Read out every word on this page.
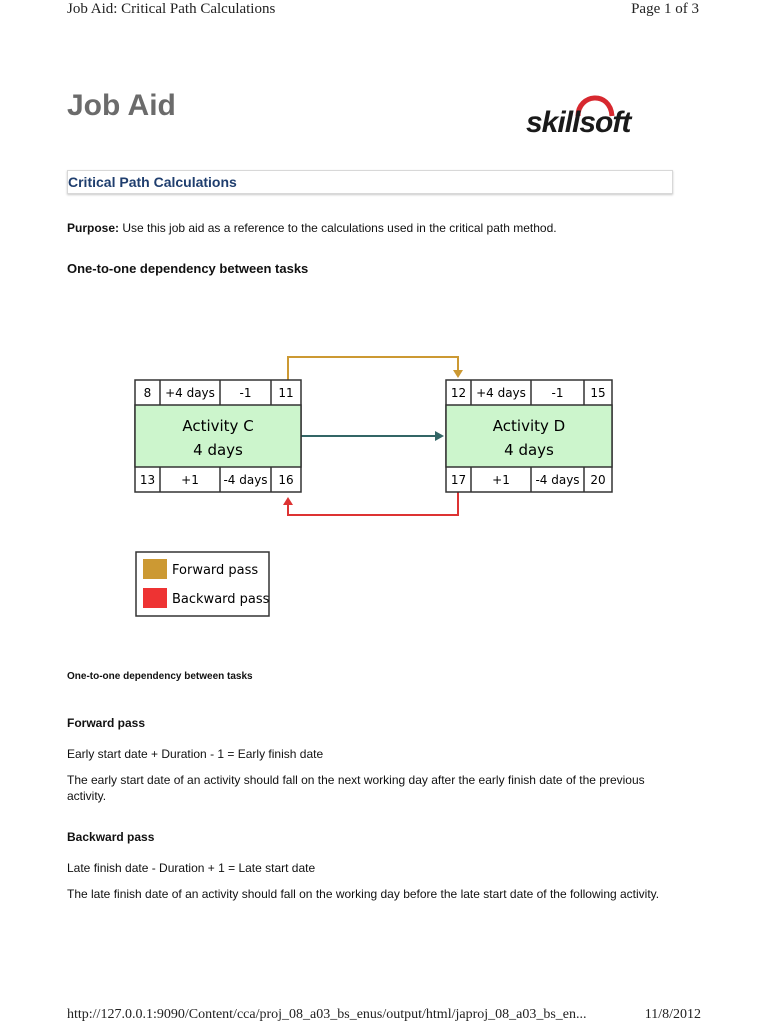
Job Aid: Critical Path Calculations	Page 1 of 3
Job Aid
skillsoft
Critical Path Calculations
Purpose: Use this job aid as a reference to the calculations used in the critical path method.
One-to-one dependency between tasks
8 +4 days -1 11
Activity C
4 days
13 +1 -4 days 16
12 +4 days -1 15
Activity D
4 days
17 +1 -4 days 20
Forward pass
Backward pass
One-to-one dependency between tasks
Forward pass
Early start date + Duration - 1 = Early finish date
The early start date of an activity should fall on the next working day after the early finish date of the previous activity.
Backward pass
Late finish date - Duration + 1 = Late start date
The late finish date of an activity should fall on the working day before the late start date of the following activity.
http://127.0.0.1:9090/Content/cca/proj_08_a03_bs_enus/output/html/japroj_08_a03_bs_en...	11/8/2012
